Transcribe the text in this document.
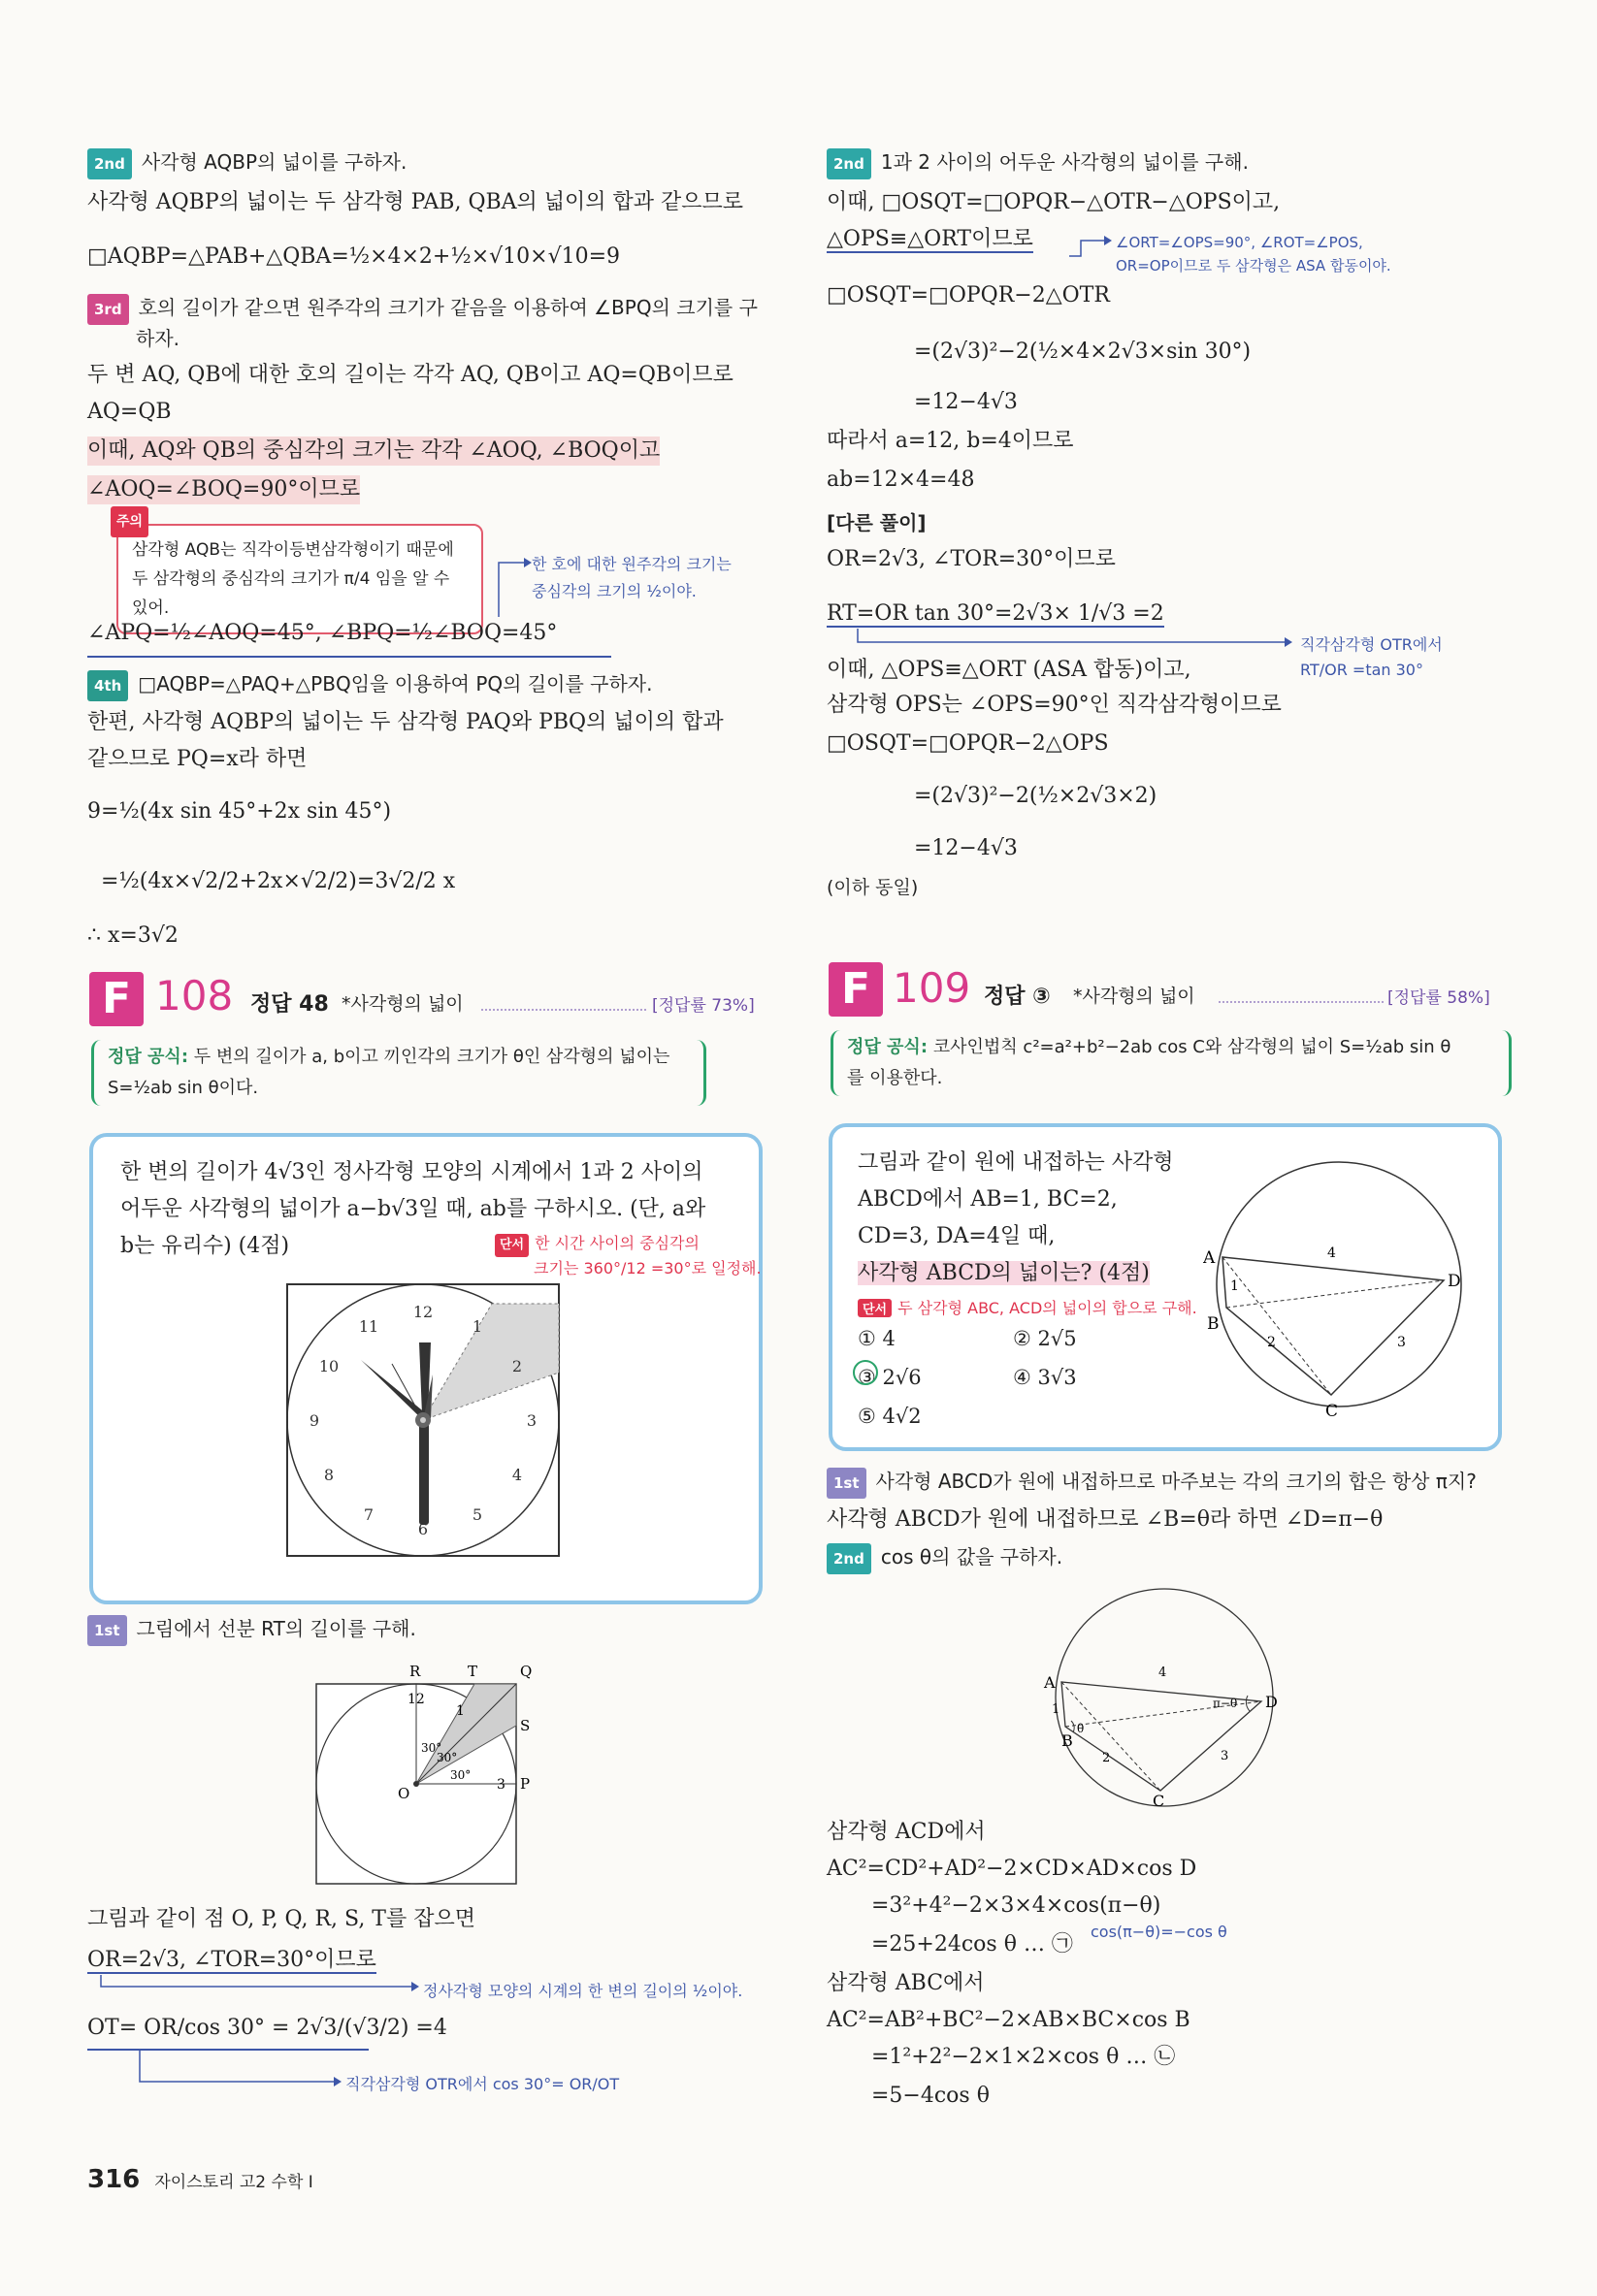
2nd 사각형 AQBP의 넓이를 구하자.
사각형 AQBP의 넓이는 두 삼각형 PAB, QBA의 넓이의 합과 같으므로
□AQBP=△PAB+△QBA=½×4×2+½×√10×√10=9
3rd 호의 길이가 같으면 원주각의 크기가 같음을 이용하여 ∠BPQ의 크기를 구
하자.
두 변 AQ, QB에 대한 호의 길이는 각각 AQ, QB이고 AQ=QB이므로
AQ=QB
이때, AQ와 QB의 중심각의 크기는 각각 ∠AOQ, ∠BOQ이고
∠AOQ=∠BOQ=90°이므로
주의
삼각형 AQB는 직각이등변삼각형이기 때문에
두 삼각형의 중심각의 크기가 π/4 임을 알 수 있어.
한 호에 대한 원주각의 크기는
중심각의 크기의 ½이야.
∠APQ=½∠AOQ=45°, ∠BPQ=½∠BOQ=45°
4th □AQBP=△PAQ+△PBQ임을 이용하여 PQ의 길이를 구하자.
한편, 사각형 AQBP의 넓이는 두 삼각형 PAQ와 PBQ의 넓이의 합과
같으므로 PQ=x라 하면
9=½(4x sin 45°+2x sin 45°)
=½(4x×√2/2+2x×√2/2)=3√2/2 x
∴ x=3√2
F 108 정답 48 *사각형의 넓이	[정답률 73%]
정답 공식: 두 변의 길이가 a, b이고 끼인각의 크기가 θ인 삼각형의 넓이는
S=½ab sin θ이다.
한 변의 길이가 4√3인 정사각형 모양의 시계에서 1과 2 사이의
어두운 사각형의 넓이가 a−b√3일 때, ab를 구하시오. (단, a와
b는 유리수) (4점)	단서 한 시간 사이의 중심각의
크기는 360°/12 =30°로 일정해.
12
1
2
3
4
5
6
7
8
9
10
11
1st 그림에서 선분 RT의 길이를 구해.
R	T	Q
S
P
O
12
1
3
30°
30°
30°
그림과 같이 점 O, P, Q, R, S, T를 잡으면
OR=2√3, ∠TOR=30°이므로
정사각형 모양의 시계의 한 변의 길이의 ½이야.
OT= OR/cos 30° = 2√3/(√3/2) =4
직각삼각형 OTR에서 cos 30°= OR/OT
2nd 1과 2 사이의 어두운 사각형의 넓이를 구해.
이때, □OSQT=□OPQR−△OTR−△OPS이고,
△OPS≡△ORT이므로	∠ORT=∠OPS=90°, ∠ROT=∠POS,
OR=OP이므로 두 삼각형은 ASA 합동이야.
□OSQT=□OPQR−2△OTR
=(2√3)²−2(½×4×2√3×sin 30°)
=12−4√3
따라서 a=12, b=4이므로
ab=12×4=48
[다른 풀이]
OR=2√3, ∠TOR=30°이므로
RT=OR tan 30°=2√3× 1/√3 =2
직각삼각형 OTR에서
RT/OR =tan 30°
이때, △OPS≡△ORT (ASA 합동)이고,
삼각형 OPS는 ∠OPS=90°인 직각삼각형이므로
□OSQT=□OPQR−2△OPS
=(2√3)²−2(½×2√3×2)
=12−4√3
(이하 동일)
F 109 정답 ③ *사각형의 넓이	[정답률 58%]
정답 공식: 코사인법칙 c²=a²+b²−2ab cos C와 삼각형의 넓이 S=½ab sin θ
를 이용한다.
그림과 같이 원에 내접하는 사각형
ABCD에서 AB=1, BC=2,
CD=3, DA=4일 때,
사각형 ABCD의 넓이는? (4점)
단서 두 삼각형 ABC, ACD의 넓이의 합으로 구해.
① 4	② 2√5
③ 2√6	④ 3√3
⑤ 4√2
A
B
C
D
1
2	3
4
1st 사각형 ABCD가 원에 내접하므로 마주보는 각의 크기의 합은 항상 π지?
사각형 ABCD가 원에 내접하므로 ∠B=θ라 하면 ∠D=π−θ
2nd cos θ의 값을 구하자.
A
B
C
D
1
2	3
4
θ
π−θ
삼각형 ACD에서
AC²=CD²+AD²−2×CD×AD×cos D
=3²+4²−2×3×4×cos(π−θ)
=25+24cos θ … ㉠
cos(π−θ)=−cos θ
삼각형 ABC에서
AC²=AB²+BC²−2×AB×BC×cos B
=1²+2²−2×1×2×cos θ … ㉡
=5−4cos θ
316 자이스토리 고2 수학 Ⅰ
